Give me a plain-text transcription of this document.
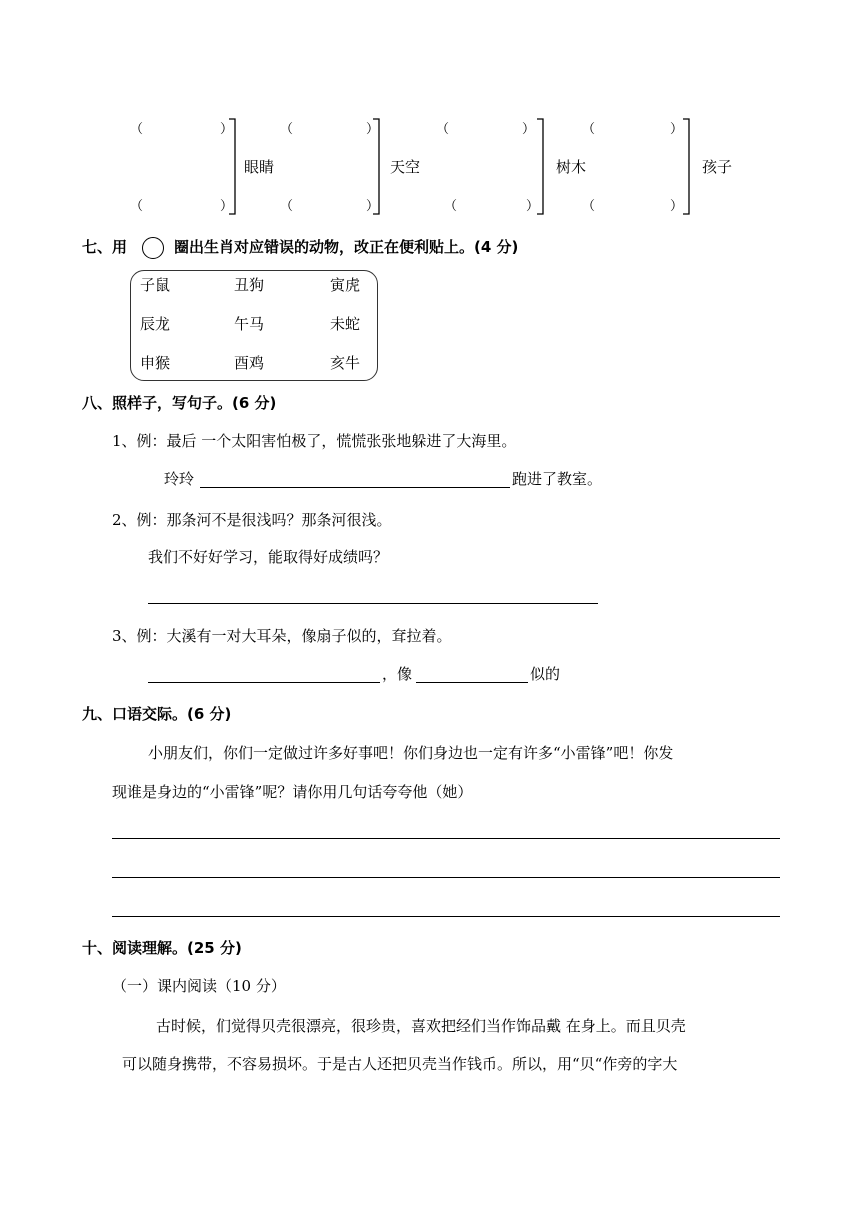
（	）
（	）
眼睛
（	）
（	）
天空
（	）
（	）
树木
（	）
（	）
孩子
七、用	圈出生肖对应错误的动物，改正在便利贴上。(4 分)
子鼠	丑狗	寅虎
辰龙	午马	未蛇
申猴	酉鸡	亥牛
八、照样子，写句子。(6 分)
1、例：最后 一个太阳害怕极了，慌慌张张地躲进了大海里。
玲玲	跑进了教室。
2、例：那条河不是很浅吗？那条河很浅。
我们不好好学习，能取得好成绩吗？
3、例：大溪有一对大耳朵，像扇子似的，耷拉着。
，像	似的
九、口语交际。(6 分)
小朋友们，你们一定做过许多好事吧！你们身边也一定有许多“小雷锋”吧！你发
现谁是身边的“小雷锋”呢？请你用几句话夸夸他（她）
十、阅读理解。(25 分)
（一）课内阅读（10 分）
古时候，们觉得贝壳很漂亮，很珍贵，喜欢把经们当作饰品戴 在身上。而且贝壳
可以随身携带，不容易损坏。于是古人还把贝壳当作钱币。所以，用“贝“作旁的字大
